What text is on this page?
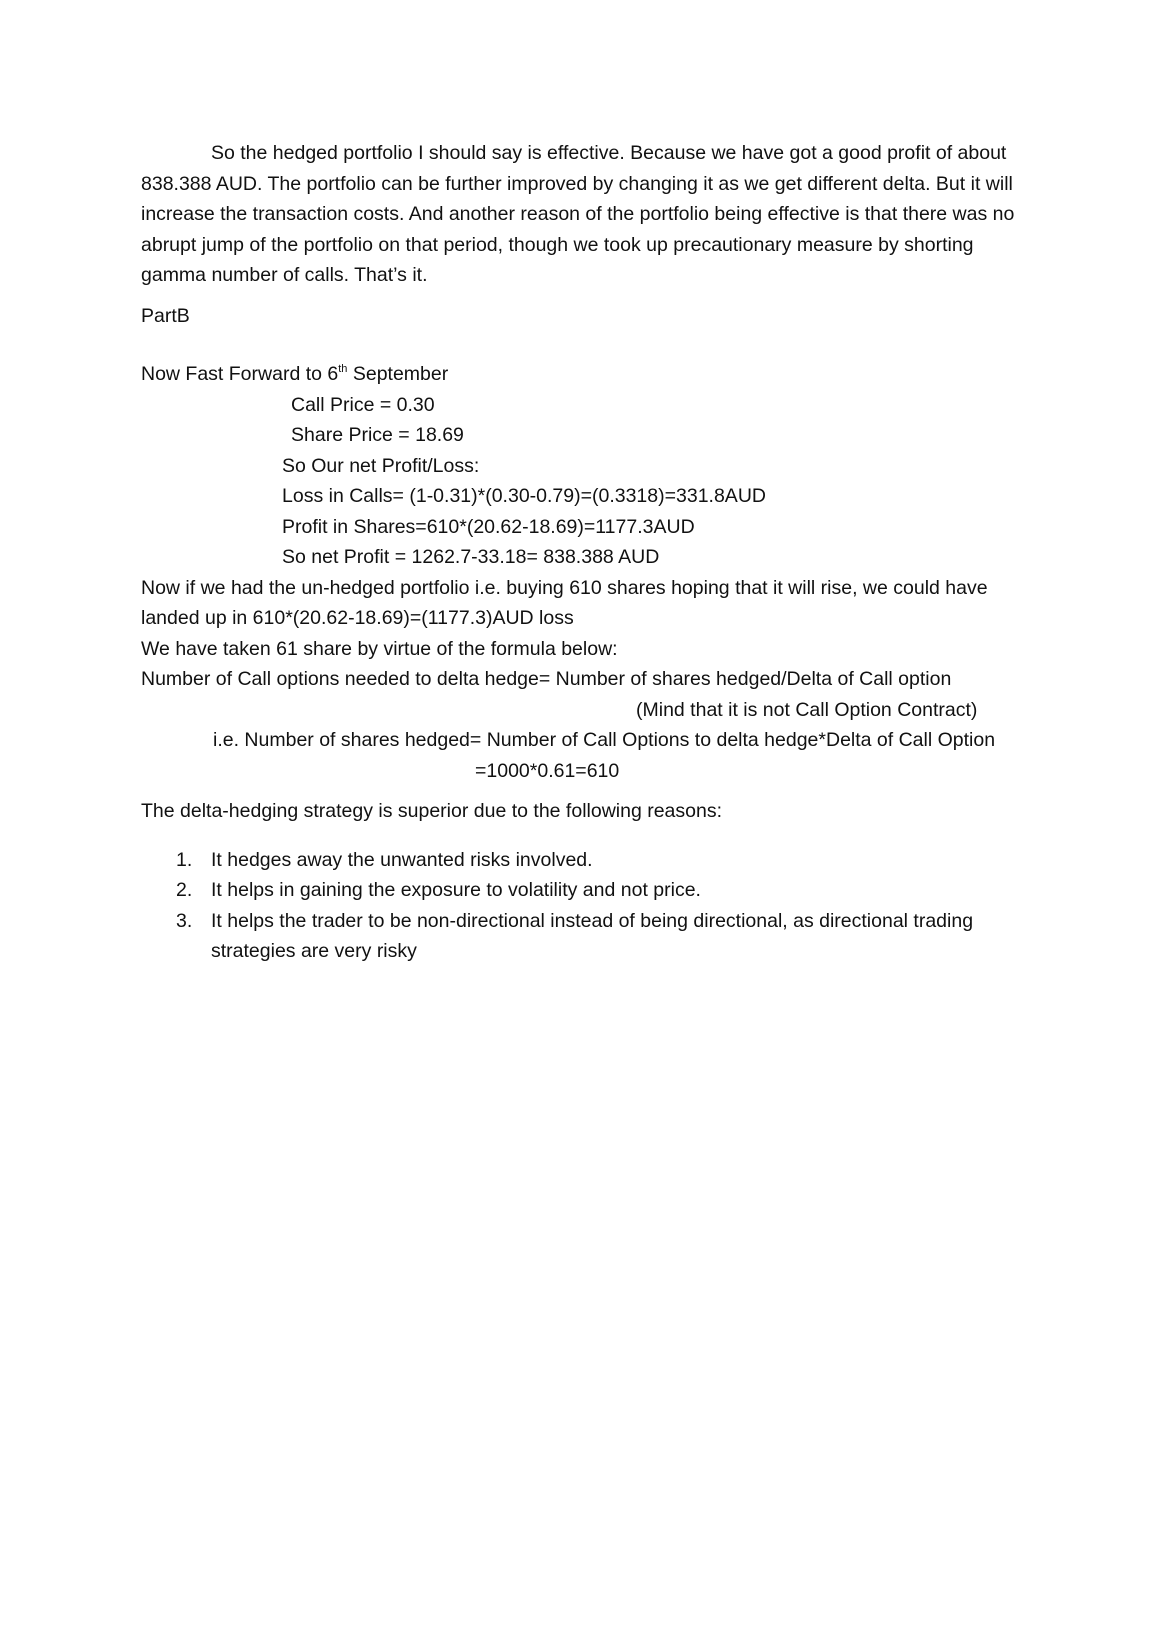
So the hedged portfolio I should say is effective. Because we have got a good profit of about 838.388 AUD. The portfolio can be further improved by changing it as we get different delta. But it will increase the transaction costs. And another reason of the portfolio being effective is that there was no abrupt jump of the portfolio on that period, though we took up precautionary measure by shorting gamma number of calls. That’s it.

PartB

Now Fast Forward to 6th September

Call Price = 0.30

Share Price = 18.69

So Our net Profit/Loss:

Loss in Calls= (1-0.31)*(0.30-0.79)=(0.3318)=331.8AUD

Profit in Shares=610*(20.62-18.69)=1177.3AUD

So net Profit = 1262.7-33.18= 838.388 AUD

Now if we had the un-hedged portfolio i.e. buying 610 shares hoping that it will rise, we could have

landed up in 610*(20.62-18.69)=(1177.3)AUD loss

We have taken 61 share by virtue of the formula below:

Number of Call options needed to delta hedge= Number of shares hedged/Delta of Call option

(Mind that it is not Call Option Contract)

i.e. Number of shares hedged= Number of Call Options to delta hedge*Delta of Call Option

=1000*0.61=610

The delta-hedging strategy is superior due to the following reasons:

1. It hedges away the unwanted risks involved.
2. It helps in gaining the exposure to volatility and not price.
3. It helps the trader to be non-directional instead of being directional, as directional trading strategies are very risky
